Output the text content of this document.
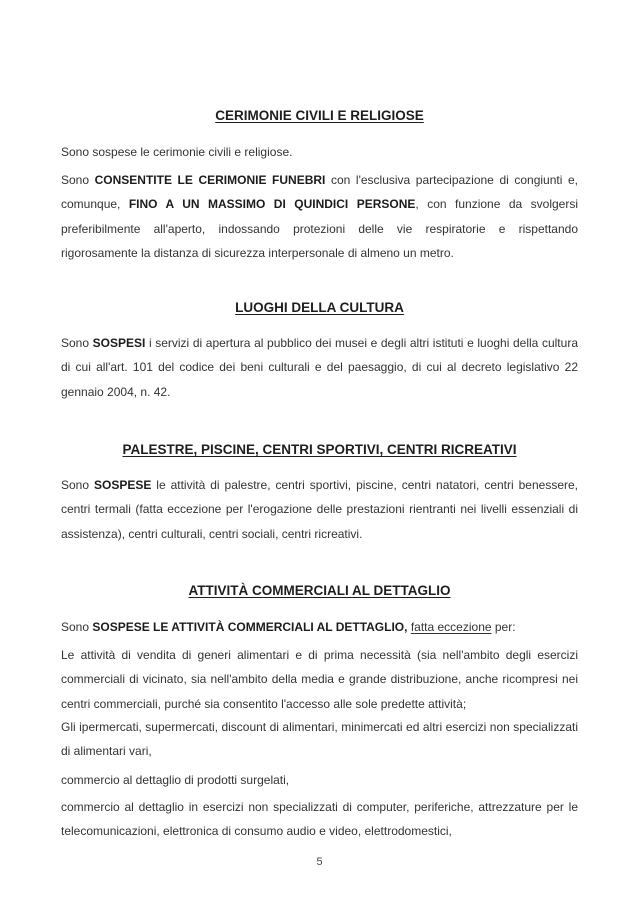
CERIMONIE CIVILI E RELIGIOSE

Sono sospese le cerimonie civili e religiose.

Sono CONSENTITE LE CERIMONIE FUNEBRI con l'esclusiva partecipazione di congiunti e, comunque, FINO A UN MASSIMO DI QUINDICI PERSONE, con funzione da svolgersi preferibilmente all'aperto, indossando protezioni delle vie respiratorie e rispettando rigorosamente la distanza di sicurezza interpersonale di almeno un metro.

LUOGHI DELLA CULTURA

Sono SOSPESI i servizi di apertura al pubblico dei musei e degli altri istituti e luoghi della cultura di cui all'art. 101 del codice dei beni culturali e del paesaggio, di cui al decreto legislativo 22 gennaio 2004, n. 42.

PALESTRE, PISCINE, CENTRI SPORTIVI, CENTRI RICREATIVI

Sono SOSPESE le attività di palestre, centri sportivi, piscine, centri natatori, centri benessere, centri termali (fatta eccezione per l'erogazione delle prestazioni rientranti nei livelli essenziali di assistenza), centri culturali, centri sociali, centri ricreativi.

ATTIVITÀ COMMERCIALI AL DETTAGLIO

Sono SOSPESE LE ATTIVITÀ COMMERCIALI AL DETTAGLIO, fatta eccezione per:

Le attività di vendita di generi alimentari e di prima necessità (sia nell'ambito degli esercizi commerciali di vicinato, sia nell'ambito della media e grande distribuzione, anche ricompresi nei centri commerciali, purché sia consentito l'accesso alle sole predette attività;

Gli ipermercati, supermercati, discount di alimentari, minimercati ed altri esercizi non specializzati di alimentari vari,

commercio al dettaglio di prodotti surgelati,

commercio al dettaglio in esercizi non specializzati di computer, periferiche, attrezzature per le telecomunicazioni, elettronica di consumo audio e video, elettrodomestici,

5
